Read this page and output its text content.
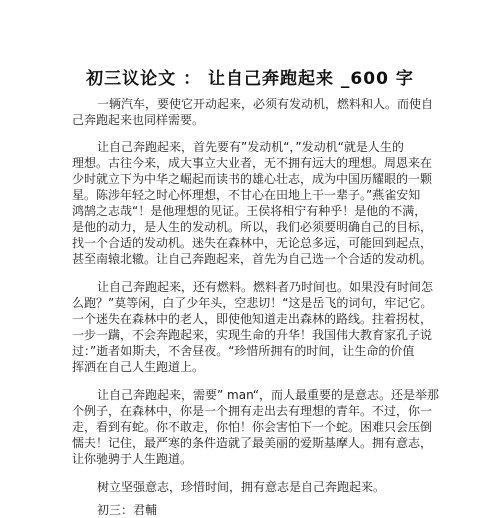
初三议论文 ： 让自己奔跑起来 _600 字
一辆汽车，要使它开动起来，必须有发动机，燃料和人。而使自
己奔跑起来也同样需要。
让自己奔跑起来，首先要有”发动机“，”发动机“就是人生的
理想。古往今来，成大事立大业者，无不拥有远大的理想。周恩来在
少时就立下为中华之崛起而读书的雄心壮志，成为中国历耀眼的一颗
星。陈涉年轻之时心怀理想，不甘心在田地上干一辈子。”燕雀安知
鸿鹄之志哉“！是他理想的见证。王侯将相宁有种乎！是他的不满，
是他的动力，是人生的发动机。所以，我们必须要明确自己的目标，
找一个合适的发动机。迷失在森林中，无论总多远，可能回到起点，
甚至南辕北辙。让自己奔跑起来，首先为自己选一个合适的发动机。
让自己奔跑起来，还有燃料。燃料者乃时间也。如果没有时间怎
么跑？”莫等闲，白了少年头，空悲切！“这是岳飞的词句，牢记它。
一个迷失在森林中的老人，即使他知道走出森林的路线。拄着拐杖，
一步一蹒，不会奔跑起来，实现生命的升华！我国伟大教育家孔子说
过：”逝者如斯夫，不舍昼夜。“珍惜所拥有的时间，让生命的价值
挥洒在自己人生跑道上。
让自己奔跑起来，需要” man“，而人最重要的是意志。还是举那
个例子，在森林中，你是一个拥有走出去有理想的青年。不过，你一
走，看到有蛇。你不敢走，你怕！你会害怕下一个蛇。困难只会压倒
懦夫！记住，最严寒的条件造就了最美丽的爱斯基摩人。拥有意志，
让你驰骋于人生跑道。
树立坚强意志，珍惜时间，拥有意志是自己奔跑起来。
初三：君輔
